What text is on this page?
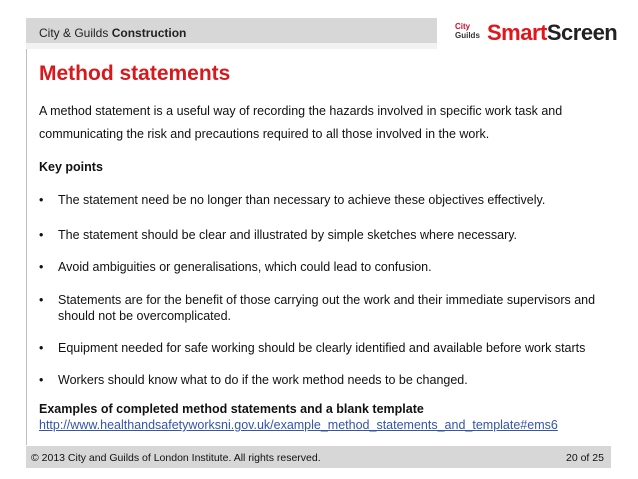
City & Guilds Construction	City
Guilds SmartScreen
Method statements
A method statement is a useful way of recording the hazards involved in specific work task and communicating the risk and precautions required to all those involved in the work.
Key points
• The statement need be no longer than necessary to achieve these objectives effectively.
• The statement should be clear and illustrated by simple sketches where necessary.
• Avoid ambiguities or generalisations, which could lead to confusion.
• Statements are for the benefit of those carrying out the work and their immediate supervisors and should not be overcomplicated.
• Equipment needed for safe working should be clearly identified and available before work starts
• Workers should know what to do if the work method needs to be changed.
Examples of completed method statements and a blank template
http://www.healthandsafetyworksni.gov.uk/example_method_statements_and_template#ems6
© 2013 City and Guilds of London Institute. All rights reserved.	20 of 25
